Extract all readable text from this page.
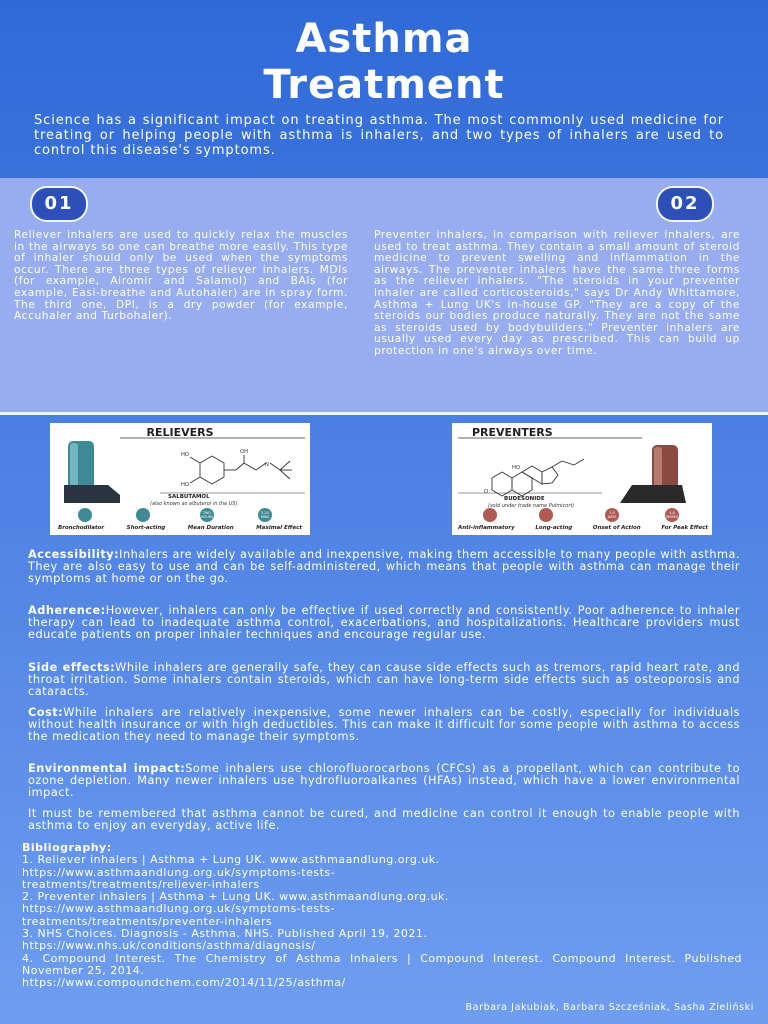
Asthma
Treatment
Science has a significant impact on treating asthma. The most commonly used medicine for treating or helping people with asthma is inhalers, and two types of inhalers are used to control this disease's symptoms.
01	02
Reliever inhalers are used to quickly relax the muscles in the airways so one can breathe more easily. This type of inhaler should only be used when the symptoms occur. There are three types of reliever inhalers. MDIs (for example, Airomir and Salamol) and BAIs (for example, Easi-breathe and Autohaler) are in spray form. The third one, DPI, is a dry powder (for example, Accuhaler and Turbohaler).
Preventer inhalers, in comparison with reliever inhalers, are used to treat asthma. They contain a small amount of steroid medicine to prevent swelling and inflammation in the airways. The preventer inhalers have the same three forms as the reliever inhalers. "The steroids in your preventer inhaler are called corticosteroids," says Dr Andy Whittamore, Asthma + Lung UK's in-house GP. "They are a copy of the steroids our bodies produce naturally. They are not the same as steroids used by bodybuilders." Preventer inhalers are usually used every day as prescribed. This can build up protection in one's airways over time.
RELIEVERS
HO
HO
OH
N
SALBUTAMOL
(also known as albuterol in the US)
TWO HOURS
5-20 MINS
Bronchodilator	Short-acting	Mean Duration	Maximal Effect
PREVENTERS
O
HO
BUDESONIDE
(sold under trade name Pulmicort)
3-4 DAYS
4-6 WEEKS
Anti-inflammatory	Long-acting	Onset of Action	For Peak Effect
Accessibility:Inhalers are widely available and inexpensive, making them accessible to many people with asthma. They are also easy to use and can be self-administered, which means that people with asthma can manage their symptoms at home or on the go.
Adherence:However, inhalers can only be effective if used correctly and consistently. Poor adherence to inhaler therapy can lead to inadequate asthma control, exacerbations, and hospitalizations. Healthcare providers must educate patients on proper inhaler techniques and encourage regular use.
Side effects:While inhalers are generally safe, they can cause side effects such as tremors, rapid heart rate, and throat irritation. Some inhalers contain steroids, which can have long-term side effects such as osteoporosis and cataracts.
Cost:While inhalers are relatively inexpensive, some newer inhalers can be costly, especially for individuals without health insurance or with high deductibles. This can make it difficult for some people with asthma to access the medication they need to manage their symptoms.
Environmental impact:Some inhalers use chlorofluorocarbons (CFCs) as a propellant, which can contribute to ozone depletion. Many newer inhalers use hydrofluoroalkanes (HFAs) instead, which have a lower environmental impact.
It must be remembered that asthma cannot be cured, and medicine can control it enough to enable people with asthma to enjoy an everyday, active life.
Bibliography:
1. Reliever inhalers | Asthma + Lung UK. www.asthmaandlung.org.uk.
https://www.asthmaandlung.org.uk/symptoms-tests-
treatments/treatments/reliever-inhalers
2. Preventer inhalers | Asthma + Lung UK. www.asthmaandlung.org.uk.
https://www.asthmaandlung.org.uk/symptoms-tests-
treatments/treatments/preventer-inhalers
3. NHS Choices. Diagnosis - Asthma. NHS. Published April 19, 2021.
https://www.nhs.uk/conditions/asthma/diagnosis/
4. Compound Interest. The Chemistry of Asthma Inhalers | Compound Interest. Compound Interest. Published November 25, 2014.
https://www.compoundchem.com/2014/11/25/asthma/
Barbara Jakubiak, Barbara Szcześniak, Sasha Zieliński
